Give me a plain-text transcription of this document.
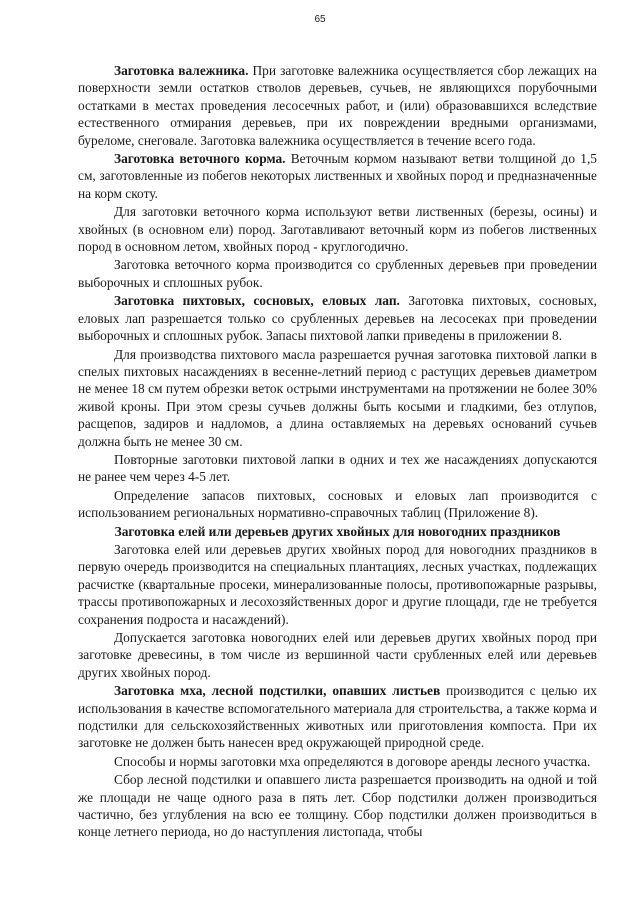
65

Заготовка валежника. При заготовке валежника осуществляется сбор лежащих на поверхности земли остатков стволов деревьев, сучьев, не являющихся порубочными остатками в местах проведения лесосечных работ, и (или) образовавшихся вследствие естественного отмирания деревьев, при их повреждении вредными организмами, буреломе, снеговале. Заготовка валежника осуществляется в течение всего года.

Заготовка веточного корма. Веточным кормом называют ветви толщиной до 1,5 см, заготовленные из побегов некоторых лиственных и хвойных пород и предназначенные на корм скоту.

Для заготовки веточного корма используют ветви лиственных (березы, осины) и хвойных (в основном ели) пород. Заготавливают веточный корм из побегов лиственных пород в основном летом, хвойных пород - круглогодично.

Заготовка веточного корма производится со срубленных деревьев при проведении выборочных и сплошных рубок.

Заготовка пихтовых, сосновых, еловых лап. Заготовка пихтовых, сосновых, еловых лап разрешается только со срубленных деревьев на лесосеках при проведении выборочных и сплошных рубок. Запасы пихтовой лапки приведены в приложении 8.

Для производства пихтового масла разрешается ручная заготовка пихтовой лапки в спелых пихтовых насаждениях в весенне-летний период с растущих деревьев диаметром не менее 18 см путем обрезки веток острыми инструментами на протяжении не более 30% живой кроны. При этом срезы сучьев должны быть косыми и гладкими, без отлупов, расщепов, задиров и надломов, а длина оставляемых на деревьях оснований сучьев должна быть не менее 30 см.

Повторные заготовки пихтовой лапки в одних и тех же насаждениях допускаются не ранее чем через 4-5 лет.

Определение запасов пихтовых, сосновых и еловых лап производится с использованием региональных нормативно-справочных таблиц (Приложение 8).

Заготовка елей или деревьев других хвойных для новогодних праздников

Заготовка елей или деревьев других хвойных пород для новогодних праздников в первую очередь производится на специальных плантациях, лесных участках, подлежащих расчистке (квартальные просеки, минерализованные полосы, противопожарные разрывы, трассы противопожарных и лесохозяйственных дорог и другие площади, где не требуется сохранения подроста и насаждений).

Допускается заготовка новогодних елей или деревьев других хвойных пород при заготовке древесины, в том числе из вершинной части срубленных елей или деревьев других хвойных пород.

Заготовка мха, лесной подстилки, опавших листьев производится с целью их использования в качестве вспомогательного материала для строительства, а также корма и подстилки для сельскохозяйственных животных или приготовления компоста. При их заготовке не должен быть нанесен вред окружающей природной среде.

Способы и нормы заготовки мха определяются в договоре аренды лесного участка.

Сбор лесной подстилки и опавшего листа разрешается производить на одной и той же площади не чаще одного раза в пять лет. Сбор подстилки должен производиться частично, без углубления на всю ее толщину. Сбор подстилки должен производиться в конце летнего периода, но до наступления листопада, чтобы
